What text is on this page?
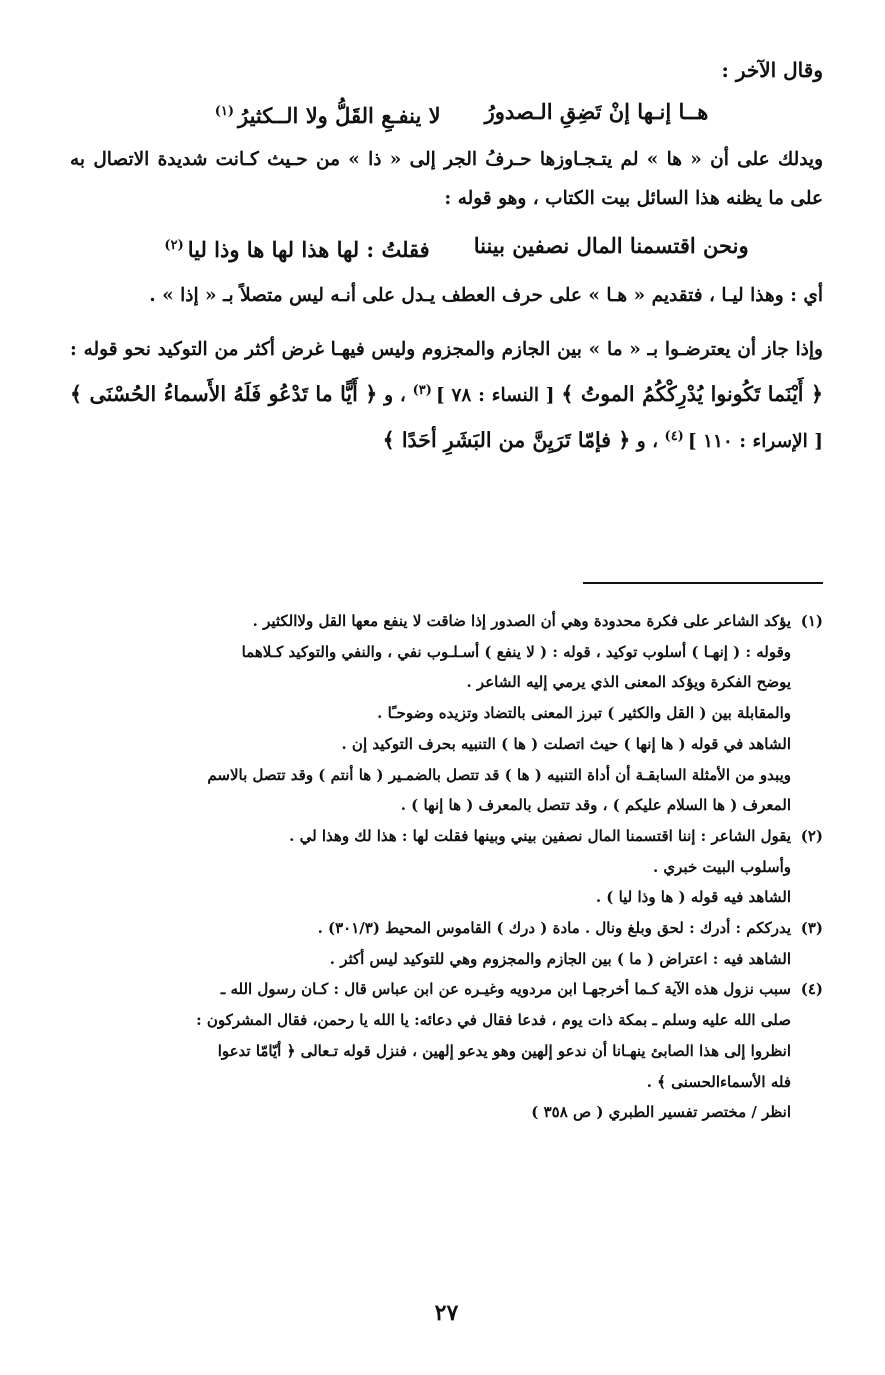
وقال الآخر :
هــا إنـها إنْ تَضِقِ الـصدورُ
لا ينفـعِ القَلُّ ولا الــكثيرُ$^{(١)}$
ويدلك على أن « ها » لم يتـجـاوزها حـرفُ الجر إلى « ذا » من حـيث كـانت شديدة الاتصال به على ما يظنه هذا السائل بيت الكتاب ، وهو قوله :
ونحن اقتسمنا المال نصفين بيننا
فقلتُ : لها هذا لها ها وذا ليا$^{(٢)}$
أي : وهذا ليـا ، فتقديم « هـا » على حرف العطف يـدل على أنـه ليس متصلاً بـ « إذا » .
وإذا جاز أن يعترضـوا بـ « ما » بين الجازم والمجزوم وليس فيهـا غرض أكثر من التوكيد نحو قوله : ﴿ أَيْنَما تَكُونوا يُدْرِكْكُمُ الموتُ ﴾ [ النساء : ٧٨ ]$^{(٣)}$ ، و ﴿ أَيًّا ما تَدْعُو فَلَهُ الأَسماءُ الحُسْنَى ﴾ [ الإسراء : ١١٠ ]$^{(٤)}$ ، و ﴿ فإمّا تَرَيِنَّ من البَشَرِ أحَدًا ﴾
(١)يؤكد الشاعر على فكرة محدودة وهي أن الصدور إذا ضاقت لا ينفع معها القل ولاالكثير .
وقوله : ( إنهـا ) أسلوب توكيد ، قوله : ( لا ينفع ) أسـلـوب نفي ، والنفي والتوكيد كـلاهما
يوضح الفكرة ويؤكد المعنى الذي يرمي إليه الشاعر .
والمقابلة بين ( القل والكثير ) تبرز المعنى بالتضاد وتزيده وضوحـًا .
الشاهد في قوله ( ها إنها ) حيث اتصلت ( ها ) التنبيه بحرف التوكيد إن .
ويبدو من الأمثلة السابقـة أن أداة التنبيه ( ها ) قد تتصل بالضمـير ( ها أنتم ) وقد تتصل بالاسم
المعرف ( ها السلام عليكم ) ، وقد تتصل بالمعرف ( ها إنها ) .
(٢)يقول الشاعر : إننا اقتسمنا المال نصفين بيني وبينها فقلت لها : هذا لك وهذا لي .
وأسلوب البيت خبري .
الشاهد فيه قوله ( ها وذا ليا ) .
(٣)يدرككم : أدرك : لحق وبلغ ونال . مادة ( درك ) القاموس المحيط (٣٠١/٣) .
الشاهد فيه : اعتراض ( ما ) بين الجازم والمجزوم وهي للتوكيد ليس أكثر .
(٤)سبب نزول هذه الآية كـما أخرجهـا ابن مردويه وغيـره عن ابن عباس قال : كـان رسول الله ـ
صلى الله عليه وسلم ـ بمكة ذات يوم ، فدعا فقال في دعائه: يا الله يا رحمن، فقال المشركون :
انظروا إلى هذا الصابئ ينهـانا أن ندعو إلهين وهو يدعو إلهين ، فنزل قوله تـعالى ﴿ أيّامّا تدعوا
فله الأسماءالحسنى ﴾ .
انظر / مختصر تفسير الطبري ( ص ٣٥٨ )
٢٧
